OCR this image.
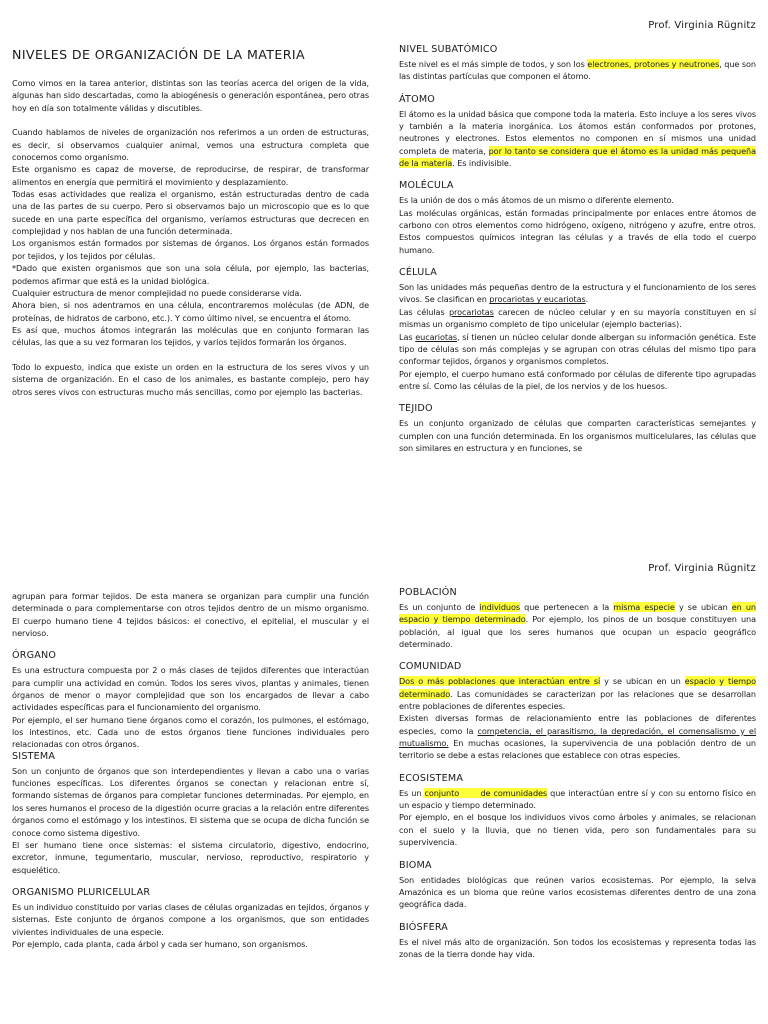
Prof. Virginia Rügnitz
NIVELES DE ORGANIZACIÓN DE LA MATERIA

Como vimos en la tarea anterior, distintas son las teorías acerca del origen de la vida, algunas han sido descartadas, como la abiogénesis o generación espontánea, pero otras hoy en día son totalmente válidas y discutibles.

Cuando hablamos de niveles de organización nos referimos a un orden de estructuras, es decir, si observamos cualquier animal, vemos una estructura completa que conocemos como organismo.

Este organismo es capaz de moverse, de reproducirse, de respirar, de transformar alimentos en energía que permitirá el movimiento y desplazamiento.

Todas esas actividades que realiza el organismo, están estructuradas dentro de cada una de las partes de su cuerpo. Pero si observamos bajo un microscopio que es lo que sucede en una parte específica del organismo, veríamos estructuras que decrecen en complejidad y nos hablan de una función determinada.

Los organismos están formados por sistemas de órganos. Los órganos están formados por tejidos, y los tejidos por células.

*Dado que existen organismos que son una sola célula, por ejemplo, las bacterias, podemos afirmar que está es la unidad biológica.

Cualquier estructura de menor complejidad no puede considerarse vida.

Ahora bien, si nos adentramos en una célula, encontraremos moléculas (de ADN, de proteínas, de hidratos de carbono, etc.). Y como último nivel, se encuentra el átomo.

Es así que, muchos átomos integrarán las moléculas que en conjunto formaran las células, las que a su vez formaran los tejidos, y varios tejidos formarán los órganos.

Todo lo expuesto, indica que existe un orden en la estructura de los seres vivos y un sistema de organización. En el caso de los animales, es bastante complejo, pero hay otros seres vivos con estructuras mucho más sencillas, como por ejemplo las bacterias.

NIVEL SUBATÓMICO

Este nivel es el más simple de todos, y son los electrones, protones y neutrones, que son las distintas partículas que componen el átomo.

ÁTOMO

El átomo es la unidad básica que compone toda la materia. Esto incluye a los seres vivos y también a la materia inorgánica. Los átomos están conformados por protones, neutrones y electrones. Estos elementos no componen en sí mismos una unidad completa de materia, por lo tanto se considera que el átomo es la unidad más pequeña de la materia. Es indivisible.

MOLÉCULA

Es la unión de dos o más átomos de un mismo o diferente elemento.

Las moléculas orgánicas, están formadas principalmente por enlaces entre átomos de carbono con otros elementos como hidrógeno, oxígeno, nitrógeno y azufre, entre otros. Estos compuestos químicos integran las células y a través de ella todo el cuerpo humano.

CÉLULA

Son las unidades más pequeñas dentro de la estructura y el funcionamiento de los seres vivos. Se clasifican en procariotas y eucariotas.

Las células procariotas carecen de núcleo celular y en su mayoría constituyen en sí mismas un organismo completo de tipo unicelular (ejemplo bacterias).

Las eucariotas, sí tienen un núcleo celular donde albergan su información genética. Este tipo de células son más complejas y se agrupan con otras células del mismo tipo para conformar tejidos, órganos y organismos completos.

Por ejemplo, el cuerpo humano está conformado por células de diferente tipo agrupadas entre sí. Como las células de la piel, de los nervios y de los huesos.

TEJIDO

Es un conjunto organizado de células que comparten características semejantes y cumplen con una función determinada. En los organismos multicelulares, las células que son similares en estructura y en funciones, se

Prof. Virginia Rügnitz

agrupan para formar tejidos. De esta manera se organizan para cumplir una función determinada o para complementarse con otros tejidos dentro de un mismo organismo. El cuerpo humano tiene 4 tejidos básicos: el conectivo, el epitelial, el muscular y el nervioso.

ÓRGANO

Es una estructura compuesta por 2 o más clases de tejidos diferentes que interactúan para cumplir una actividad en común. Todos los seres vivos, plantas y animales, tienen órganos de menor o mayor complejidad que son los encargados de llevar a cabo actividades específicas para el funcionamiento del organismo.

Por ejemplo, el ser humano tiene órganos como el corazón, los pulmones, el estómago, los intestinos, etc. Cada uno de estos órganos tiene funciones individuales pero relacionadas con otros órganos.

SISTEMA

Son un conjunto de órganos que son interdependientes y llevan a cabo una o varias funciones específicas. Los diferentes órganos se conectan y relacionan entre sí, formando sistemas de órganos para completar funciones determinadas. Por ejemplo, en los seres humanos el proceso de la digestión ocurre gracias a la relación entre diferentes órganos como el estómago y los intestinos. El sistema que se ocupa de dicha función se conoce como sistema digestivo.

El ser humano tiene once sistemas: el sistema circulatorio, digestivo, endocrino, excretor, inmune, tegumentario, muscular, nervioso, reproductivo, respiratorio y esquelético.

ORGANISMO PLURICELULAR

Es un individuo constituido por varias clases de células organizadas en tejidos, órganos y sistemas. Este conjunto de órganos compone a los organismos, que son entidades vivientes individuales de una especie.

Por ejemplo, cada planta, cada árbol y cada ser humano, son organismos.

POBLACIÓN

Es un conjunto de individuos que pertenecen a la misma especie y se ubican en un espacio y tiempo determinado. Por ejemplo, los pinos de un bosque constituyen una población, al igual que los seres humanos que ocupan un espacio geográfico determinado.

COMUNIDAD

Dos o más poblaciones que interactúan entre sí y se ubican en un espacio y tiempo determinado. Las comunidades se caracterizan por las relaciones que se desarrollan entre poblaciones de diferentes especies.

Existen diversas formas de relacionamiento entre las poblaciones de diferentes especies, como la competencia, el parasitismo, la depredación, el comensalismo y el mutualismo. En muchas ocasiones, la supervivencia de una población dentro de un territorio se debe a estas relaciones que establece con otras especies.

ECOSISTEMA

Es un conjunto       de comunidades que interactúan entre sí y con su entorno físico en un espacio y tiempo determinado.

Por ejemplo, en el bosque los individuos vivos como árboles y animales, se relacionan con el suelo y la lluvia, que no tienen vida, pero son fundamentales para su supervivencia.

BIOMA

Son entidades biológicas que reúnen varios ecosistemas. Por ejemplo, la selva Amazónica es un bioma que reúne varios ecosistemas diferentes dentro de una zona geográfica dada.

BIÓSFERA

Es el nivel más alto de organización. Son todos los ecosistemas y representa todas las zonas de la tierra donde hay vida.
